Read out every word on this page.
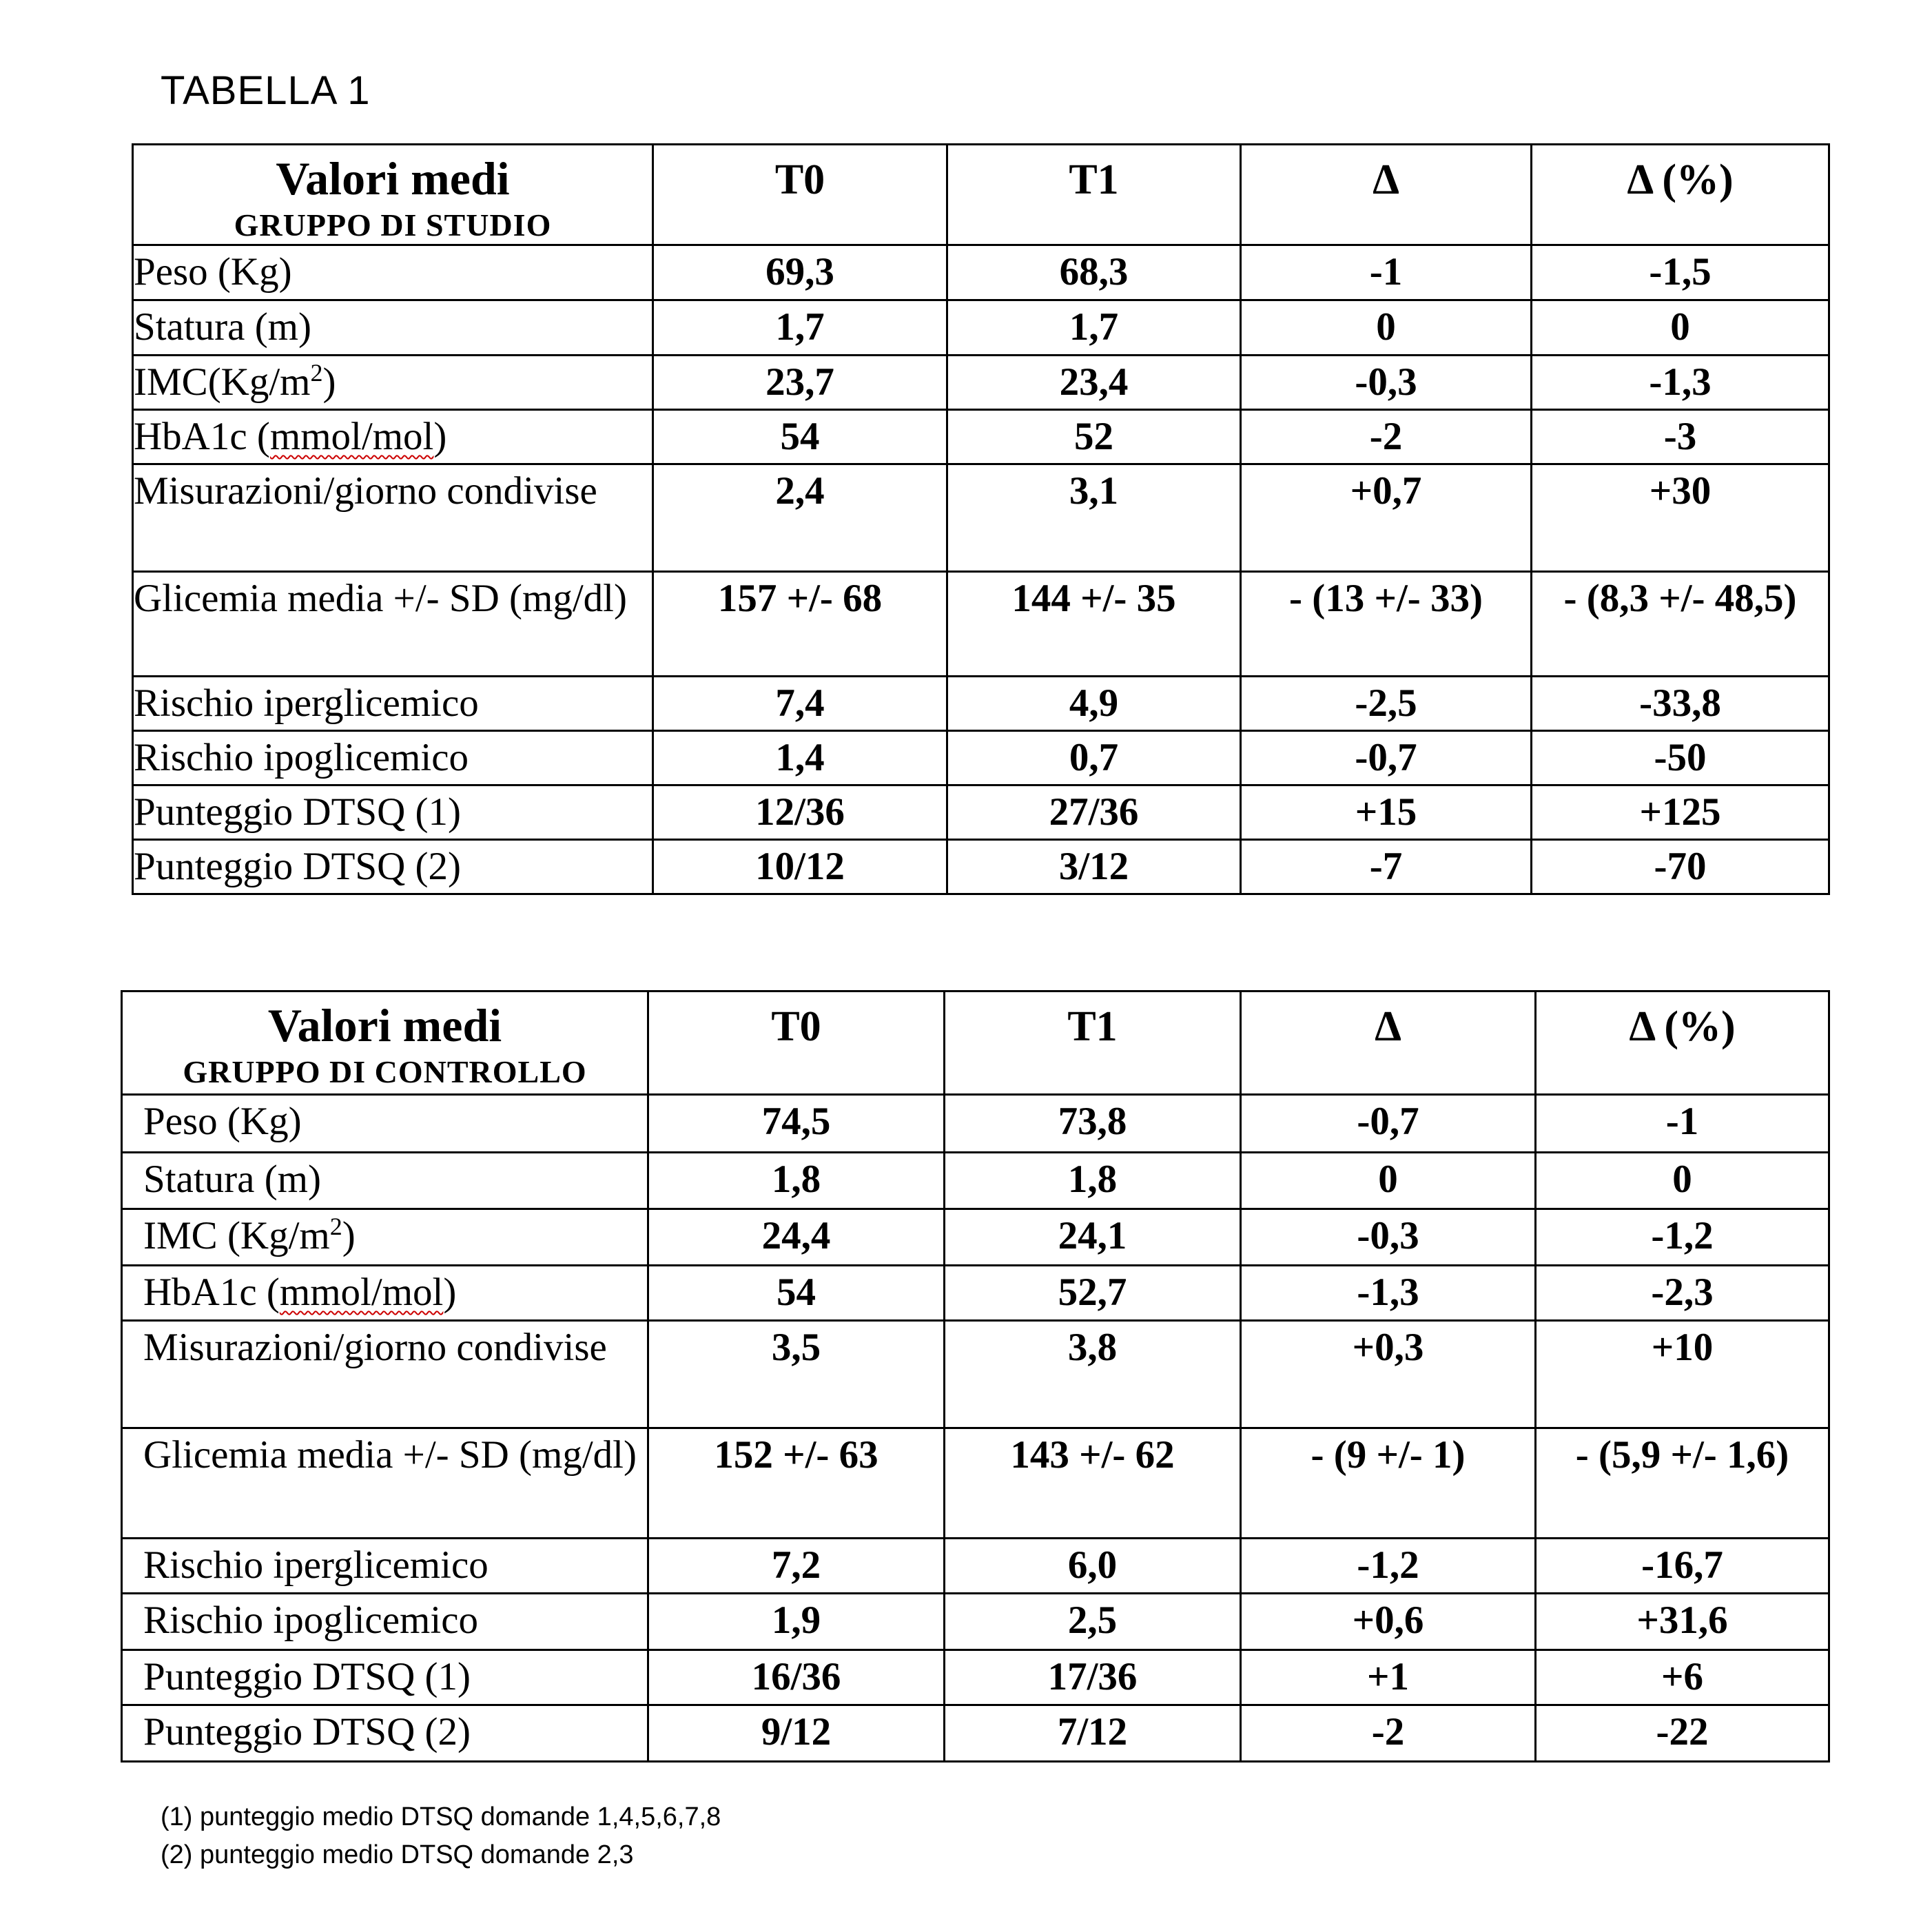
TABELLA 1
Valori medi
GRUPPO DI STUDIO	T0	T1	Δ	Δ (%)
Peso (Kg)	69,3	68,3	-1	-1,5
Statura (m)	1,7	1,7	0	0
$IMC(Kg/m^2)$	23,7	23,4	-0,3	-1,3
HbA1c (mmol/mol)	54	52	-2	-3
Misurazioni/giorno condivise	2,4	3,1	+0,7	+30
Glicemia media +/- SD (mg/dl)	157 +/- 68	144 +/- 35	- (13 +/- 33)	- (8,3 +/- 48,5)
Rischio iperglicemico	7,4	4,9	-2,5	-33,8
Rischio ipoglicemico	1,4	0,7	-0,7	-50
Punteggio DTSQ (1)	12/36	27/36	+15	+125
Punteggio DTSQ (2)	10/12	3/12	-7	-70
Valori medi
GRUPPO DI CONTROLLO	T0	T1	Δ	Δ (%)
Peso (Kg)	74,5	73,8	-0,7	-1
Statura (m)	1,8	1,8	0	0
IMC $(Kg/m^2)$	24,4	24,1	-0,3	-1,2
HbA1c (mmol/mol)	54	52,7	-1,3	-2,3
Misurazioni/giorno condivise	3,5	3,8	+0,3	+10
Glicemia media +/- SD (mg/dl)	152 +/- 63	143 +/- 62	- (9 +/- 1)	- (5,9 +/- 1,6)
Rischio iperglicemico	7,2	6,0	-1,2	-16,7
Rischio ipoglicemico	1,9	2,5	+0,6	+31,6
Punteggio DTSQ (1)	16/36	17/36	+1	+6
Punteggio DTSQ (2)	9/12	7/12	-2	-22
(1) punteggio medio DTSQ domande 1,4,5,6,7,8
(2) punteggio medio DTSQ domande 2,3
